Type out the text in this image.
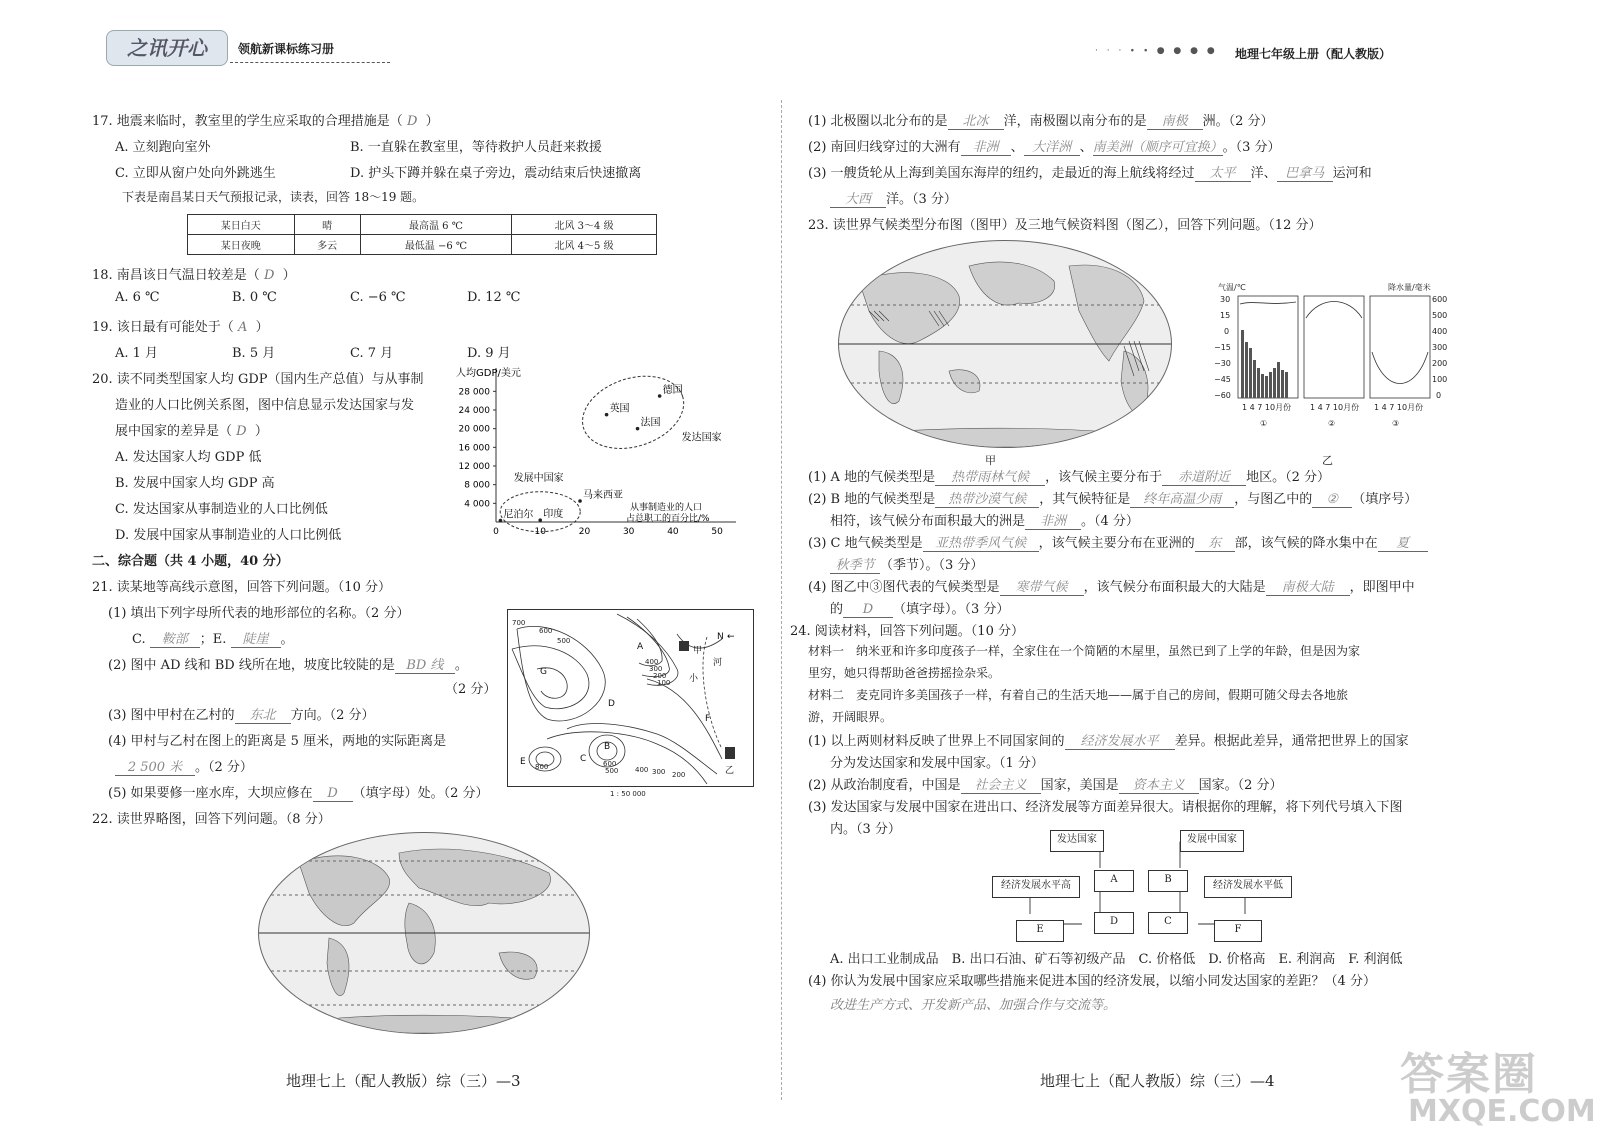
之讯开心	领航新课标练习册	· · · ∙ ∙ ● ● ● ● 地理七年级上册（配人教版）
17. 地震来临时，教室里的学生应采取的合理措施是（ D ）
A. 立刻跑向室外	B. 一直躲在教室里，等待救护人员赶来救援
C. 立即从窗户处向外跳逃生	D. 护头下蹲并躲在桌子旁边，震动结束后快速撤离
下表是南昌某日天气预报记录，读表，回答 18～19 题。
某日白天	晴	最高温 6 ℃	北风 3～4 级
某日夜晚	多云	最低温 −6 ℃	北风 4～5 级
18. 南昌该日气温日较差是（ D ）
A. 6 ℃	B. 0 ℃	C. −6 ℃	D. 12 ℃
19. 该日最有可能处于（ A ）
A. 1 月	B. 5 月	C. 7 月	D. 9 月
20. 读不同类型国家人均 GDP（国内生产总值）与从事制
造业的人口比例关系图，图中信息显示发达国家与发
展中国家的差异是（ D ）
A. 发达国家人均 GDP 低
B. 发展中国家人均 GDP 高
C. 发达国家从事制造业的人口比例低
D. 发展中国家从事制造业的人口比例低
人均GDP/美元
4 000
8 000
12 000
16 000
20 000
24 000
28 000
0	10	20	30	40	50
从事制造业的人口
占总职工的百分比/%
发达国家
发展中国家
德国
英国
法国
马来西亚
尼泊尔 印度
二、综合题（共 4 小题，40 分）
21. 读某地等高线示意图，回答下列问题。（10 分）
(1) 填出下列字母所代表的地形部位的名称。（2 分）
C. 鞍部 ；E. 陡崖 。
(2) 图中 AD 线和 BD 线所在地，坡度比较陡的是 BD 线 。
（2 分）
(3) 图中甲村在乙村的 东北 方向。（2 分）
(4) 甲村与乙村在图上的距离是 5 厘米，两地的实际距离是
2 500 米 。（2 分）
(5) 如果要修一座水库，大坝应修在 D （填字母）处。（2 分）
700
600
500
400
300
200
100
800	600
500 400 300 200
A
B
C
D
E
F
G
甲
乙
河
小
N ←
1 : 50 000
22. 读世界略图，回答下列问题。（8 分）
地理七上（配人教版）综（三）—3
(1) 北极圈以北分布的是 北冰 洋，南极圈以南分布的是 南极 洲。（2 分）
(2) 南回归线穿过的大洲有 非洲 、 大洋洲 、南美洲（顺序可宜换）。（3 分）
(3) 一艘货轮从上海到美国东海岸的纽约，走最近的海上航线将经过 太平 洋、 巴拿马 运河和
大西 洋。（3 分）
23. 读世界气候类型分布图（图甲）及三地气候资料图（图乙），回答下列问题。（12 分）
甲
气温/℃	降水量/毫米
30
15
0
−15
−30
−45
−60
600
500
400
300
200
100
0
1 4 7 10月份 1 4 7 10月份 1 4 7 10月份
①	②	③
乙
(1) A 地的气候类型是 热带雨林气候 ，该气候主要分布于 赤道附近 地区。（2 分）
(2) B 地的气候类型是 热带沙漠气候 ，其气候特征是 终年高温少雨 ，与图乙中的 ② （填序号）
相符，该气候分布面积最大的洲是 非洲 。（4 分）
(3) C 地气候类型是 亚热带季风气候 ，该气候主要分布在亚洲的 东 部，该气候的降水集中在 夏
秋季节 （季节）。（3 分）
(4) 图乙中③图代表的气候类型是 寒带气候 ，该气候分布面积最大的大陆是 南极大陆 ，即图甲中
的 D （填字母）。（3 分）
24. 阅读材料，回答下列问题。（10 分）
材料一　纳米亚和许多印度孩子一样，全家住在一个简陋的木屋里，虽然已到了上学的年龄，但是因为家
里穷，她只得帮助爸爸捞摇捡杂采。
材料二　麦克同许多美国孩子一样，有着自己的生活天地——属于自己的房间，假期可随父母去各地旅
游，开阔眼界。
(1) 以上两则材料反映了世界上不同国家间的 经济发展水平 差异。根据此差异，通常把世界上的国家
分为发达国家和发展中国家。（1 分）
(2) 从政治制度看，中国是 社会主义 国家，美国是 资本主义 国家。（2 分）
(3) 发达国家与发展中国家在进出口、经济发展等方面差异很大。请根据你的理解，将下列代号填入下图
内。（3 分）
发达国家	发展中国家
经济发展水平高
A	B
经济发展水平低
D	C
E	F
A. 出口工业制成品　B. 出口石油、矿石等初级产品　C. 价格低　D. 价格高　E. 利润高　F. 利润低
(4) 你认为发展中国家应采取哪些措施来促进本国的经济发展，以缩小同发达国家的差距？（4 分）
改进生产方式、开发新产品、加强合作与交流等。
地理七上（配人教版）综（三）—4	答案圈
MXQE.COM
